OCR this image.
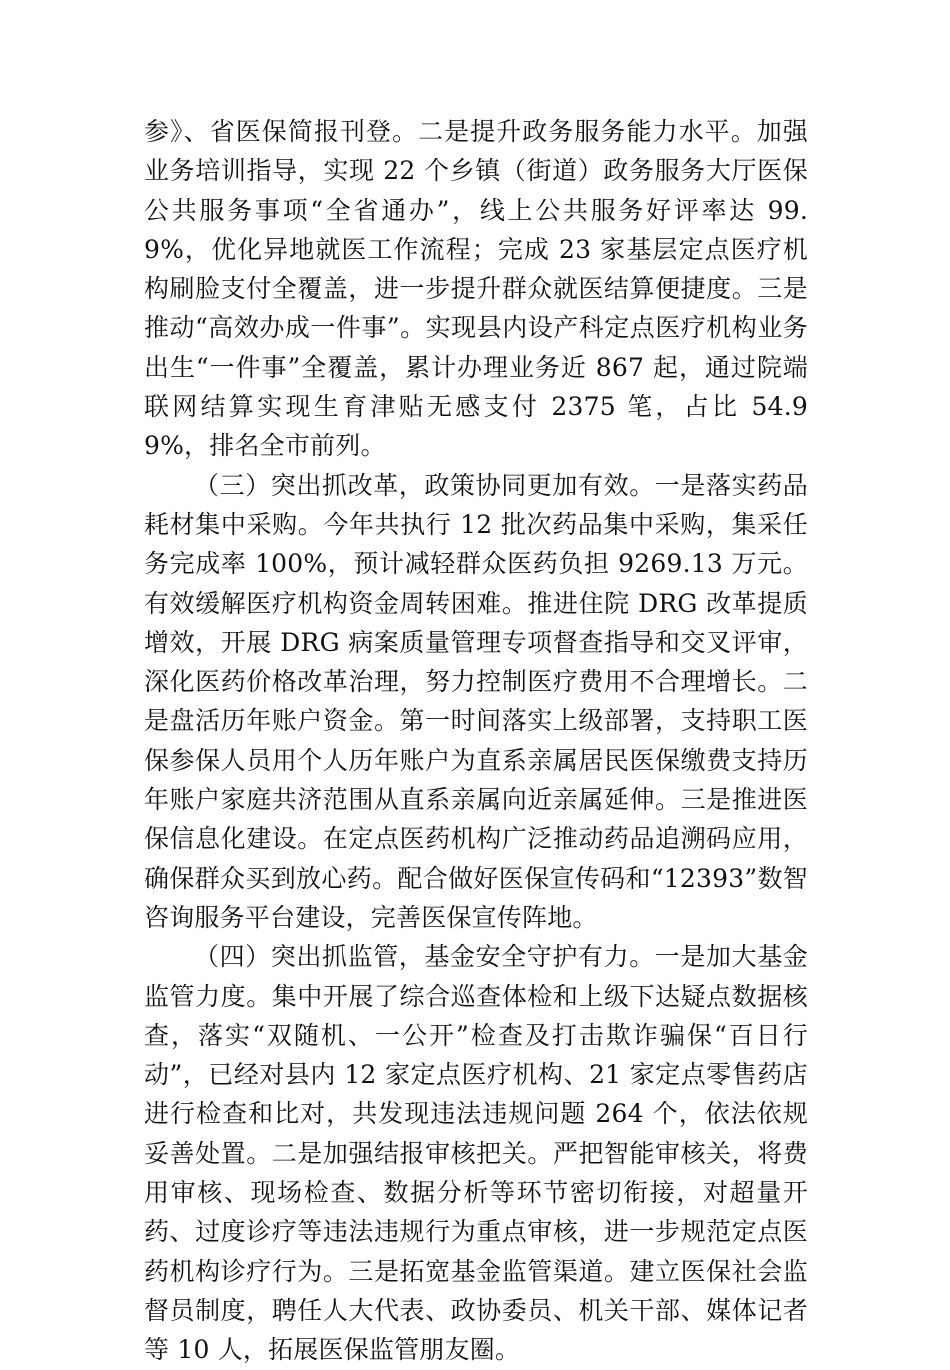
参》、省医保简报刊登。二是提升政务服务能力水平。加强业务培训指导，实现 22 个乡镇（街道）政务服务大厅医保公共服务事项“全省通办”，线上公共服务好评率达 99.9%，优化异地就医工作流程；完成 23 家基层定点医疗机构刷脸支付全覆盖，进一步提升群众就医结算便捷度。三是推动“高效办成一件事”。实现县内设产科定点医疗机构业务出生“一件事”全覆盖，累计办理业务近 867 起，通过院端联网结算实现生育津贴无感支付 2375 笔，占比 54.99%，排名全市前列。

（三）突出抓改革，政策协同更加有效。一是落实药品耗材集中采购。今年共执行 12 批次药品集中采购，集采任务完成率 100%，预计减轻群众医药负担 9269.13 万元。有效缓解医疗机构资金周转困难。推进住院 DRG 改革提质增效，开展 DRG 病案质量管理专项督查指导和交叉评审，深化医药价格改革治理，努力控制医疗费用不合理增长。二是盘活历年账户资金。第一时间落实上级部署，支持职工医保参保人员用个人历年账户为直系亲属居民医保缴费支持历年账户家庭共济范围从直系亲属向近亲属延伸。三是推进医保信息化建设。在定点医药机构广泛推动药品追溯码应用，确保群众买到放心药。配合做好医保宣传码和“12393”数智咨询服务平台建设，完善医保宣传阵地。

（四）突出抓监管，基金安全守护有力。一是加大基金监管力度。集中开展了综合巡查体检和上级下达疑点数据核查，落实“双随机、一公开”检查及打击欺诈骗保“百日行动”，已经对县内 12 家定点医疗机构、21 家定点零售药店进行检查和比对，共发现违法违规问题 264 个，依法依规妥善处置。二是加强结报审核把关。严把智能审核关，将费用审核、现场检查、数据分析等环节密切衔接，对超量开药、过度诊疗等违法违规行为重点审核，进一步规范定点医药机构诊疗行为。三是拓宽基金监管渠道。建立医保社会监督员制度，聘任人大代表、政协委员、机关干部、媒体记者等 10 人，拓展医保监管朋友圈。
